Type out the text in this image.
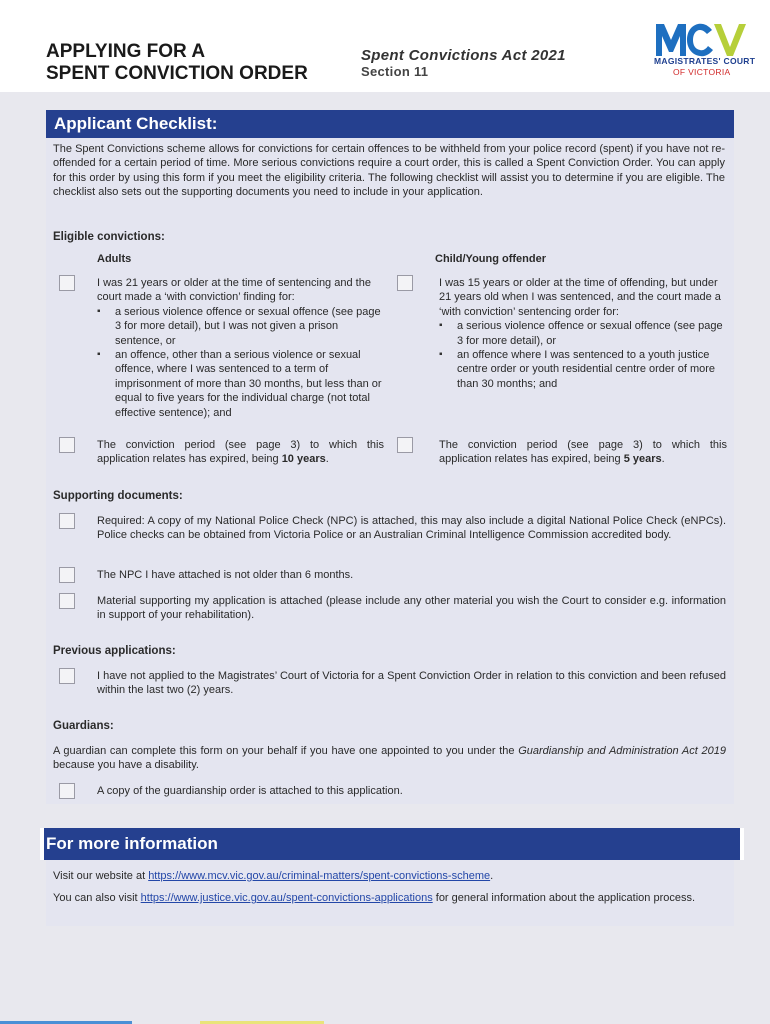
APPLYING FOR A
SPENT CONVICTION ORDER
Spent Convictions Act 2021
Section 11
MAGISTRATES' COURT
OF VICTORIA
Applicant Checklist:
The Spent Convictions scheme allows for convictions for certain offences to be withheld from your police record (spent) if you have not re-offended for a certain period of time. More serious convictions require a court order, this is called a Spent Conviction Order. You can apply for this order by using this form if you meet the eligibility criteria. The following checklist will assist you to determine if you are eligible. The checklist also sets out the supporting documents you need to include in your application.
Eligible convictions:
Adults
I was 21 years or older at the time of sentencing and the court made a ‘with conviction’ finding for:
▪ a serious violence offence or sexual offence (see page 3 for more detail), but I was not given a prison sentence, or
▪ an offence, other than a serious violence or sexual offence, where I was sentenced to a term of imprisonment of more than 30 months, but less than or equal to five years for the individual charge (not total effective sentence); and
The conviction period (see page 3) to which this application relates has expired, being 10 years.
Child/Young offender
I was 15 years or older at the time of offending, but under 21 years old when I was sentenced, and the court made a ‘with conviction’ sentencing order for:
▪ a serious violence offence or sexual offence (see page 3 for more detail), or
▪ an offence where I was sentenced to a youth justice centre order or youth residential centre order of more than 30 months; and
The conviction period (see page 3) to which this application relates has expired, being 5 years.
Supporting documents:
Required: A copy of my National Police Check (NPC) is attached, this may also include a digital National Police Check (eNPCs). Police checks can be obtained from Victoria Police or an Australian Criminal Intelligence Commission accredited body.
The NPC I have attached is not older than 6 months.
Material supporting my application is attached (please include any other material you wish the Court to consider e.g. information in support of your rehabilitation).
Previous applications:
I have not applied to the Magistrates’ Court of Victoria for a Spent Conviction Order in relation to this conviction and been refused within the last two (2) years.
Guardians:
A guardian can complete this form on your behalf if you have one appointed to you under the Guardianship and Administration Act 2019 because you have a disability.
A copy of the guardianship order is attached to this application.
For more information
Visit our website at https://www.mcv.vic.gov.au/criminal-matters/spent-convictions-scheme.
You can also visit https://www.justice.vic.gov.au/spent-convictions-applications for general information about the application process.
